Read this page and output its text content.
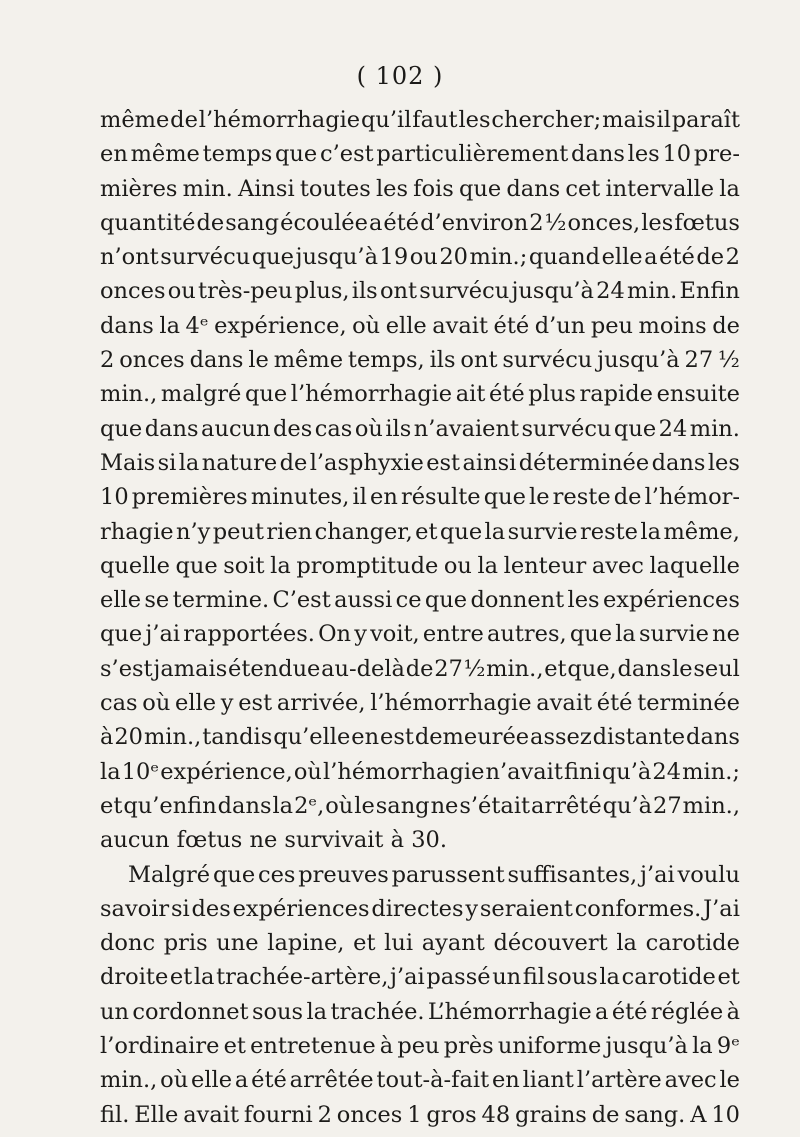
( 102 )
même de l’hémorrhagie qu’il faut les chercher; mais il paraît
en même temps que c’est particulièrement dans les 10 pre-
mières min. Ainsi toutes les fois que dans cet intervalle la
quantité de sang écoulée a été d’environ 2 ½ onces, les fœtus
n’ont survécu que jusqu’à 19 ou 20 min.; quand elle a été de 2
onces ou très-peu plus, ils ont survécu jusqu’à 24 min. Enfin
dans la 4ᵉ expérience, où elle avait été d’un peu moins de
2 onces dans le même temps, ils ont survécu jusqu’à 27 ½
min., malgré que l’hémorrhagie ait été plus rapide ensuite
que dans aucun des cas où ils n’avaient survécu que 24 min.
Mais si la nature de l’asphyxie est ainsi déterminée dans les
10 premières minutes, il en résulte que le reste de l’hémor-
rhagie n’y peut rien changer, et que la survie reste la même,
quelle que soit la promptitude ou la lenteur avec laquelle
elle se termine. C’est aussi ce que donnent les expériences
que j’ai rapportées. On y voit, entre autres, que la survie ne
s’est jamais étendue au-delà de 27 ½ min., et que, dans le seul
cas où elle y est arrivée, l’hémorrhagie avait été terminée
à 20 min., tandis qu’elle en est demeurée assez distante dans
la 10ᵉ expérience, où l’hémorrhagie n’avait fini qu’à 24 min.;
et qu’enfin dans la 2ᵉ, où le sang ne s’était arrêté qu’à 27 min.,
aucun fœtus ne survivait à 30.
Malgré que ces preuves parussent suffisantes, j’ai voulu
savoir si des expériences directes y seraient conformes. J’ai
donc pris une lapine, et lui ayant découvert la carotide
droite et la trachée-artère, j’ai passé un fil sous la carotide et
un cordonnet sous la trachée. L’hémorrhagie a été réglée à
l’ordinaire et entretenue à peu près uniforme jusqu’à la 9ᵉ
min., où elle a été arrêtée tout-à-fait en liant l’artère avec le
fil. Elle avait fourni 2 onces 1 gros 48 grains de sang. A 10
